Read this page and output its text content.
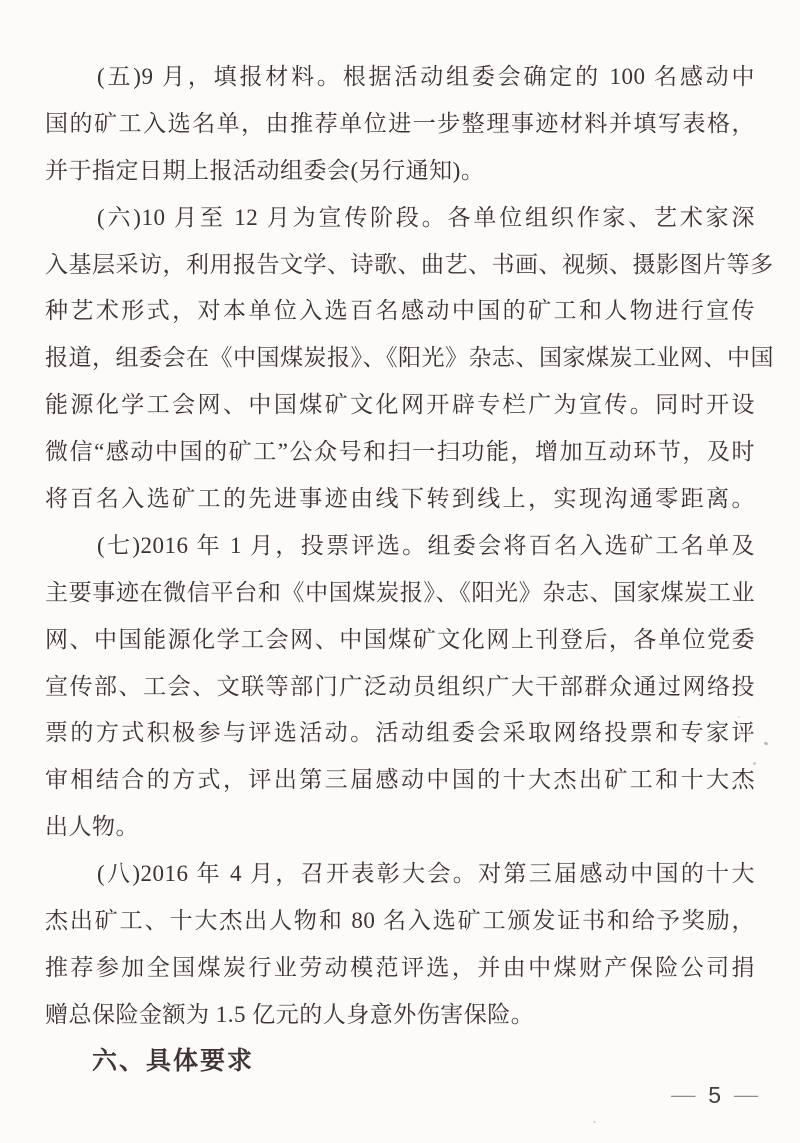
(五)9 月，填报材料。根据活动组委会确定的 100 名感动中
国的矿工入选名单，由推荐单位进一步整理事迹材料并填写表格，
并于指定日期上报活动组委会(另行通知)。
(六)10 月至 12 月为宣传阶段。各单位组织作家、艺术家深
入基层采访，利用报告文学、诗歌、曲艺、书画、视频、摄影图片等多
种艺术形式，对本单位入选百名感动中国的矿工和人物进行宣传
报道，组委会在《中国煤炭报》、《阳光》杂志、国家煤炭工业网、中国
能源化学工会网、中国煤矿文化网开辟专栏广为宣传。同时开设
微信“感动中国的矿工”公众号和扫一扫功能，增加互动环节，及时
将百名入选矿工的先进事迹由线下转到线上，实现沟通零距离。
(七)2016 年 1 月，投票评选。组委会将百名入选矿工名单及
主要事迹在微信平台和《中国煤炭报》、《阳光》杂志、国家煤炭工业
网、中国能源化学工会网、中国煤矿文化网上刊登后，各单位党委
宣传部、工会、文联等部门广泛动员组织广大干部群众通过网络投
票的方式积极参与评选活动。活动组委会采取网络投票和专家评
审相结合的方式，评出第三届感动中国的十大杰出矿工和十大杰
出人物。
(八)2016 年 4 月，召开表彰大会。对第三届感动中国的十大
杰出矿工、十大杰出人物和 80 名入选矿工颁发证书和给予奖励，
推荐参加全国煤炭行业劳动模范评选，并由中煤财产保险公司捐
赠总保险金额为 1.5 亿元的人身意外伤害保险。
六、具体要求
— 5 —
